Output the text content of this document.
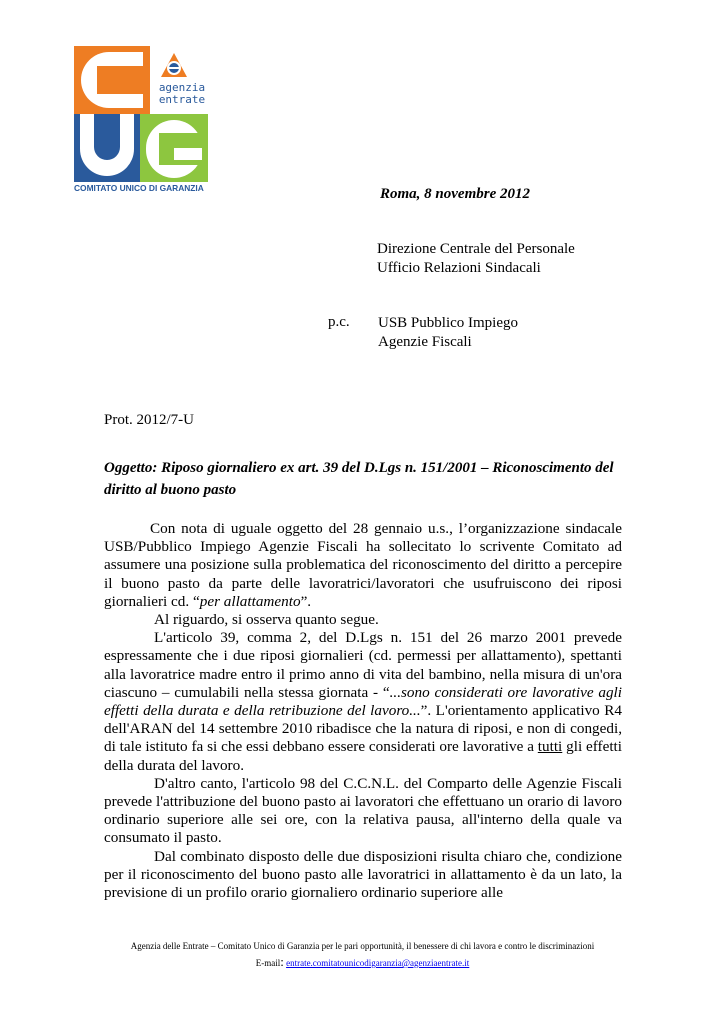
agenzia
entrate
COMITATO UNICO DI GARANZIA	Roma, 8 novembre 2012
Direzione Centrale del Personale
Ufficio Relazioni Sindacali
p.c. USB Pubblico Impiego
Agenzie Fiscali
Prot. 2012/7-U
Oggetto: Riposo giornaliero ex art. 39 del D.Lgs n. 151/2001 – Riconoscimento del diritto al buono pasto

Con nota di uguale oggetto del 28 gennaio u.s., l’organizzazione sindacale USB/Pubblico Impiego Agenzie Fiscali ha sollecitato lo scrivente Comitato ad assumere una posizione sulla problematica del riconoscimento del diritto a percepire il buono pasto da parte delle lavoratrici/lavoratori che usufruiscono dei riposi giornalieri cd. “per allattamento”.

Al riguardo, si osserva quanto segue.

L'articolo 39, comma 2, del D.Lgs n. 151 del 26 marzo 2001 prevede espressamente che i due riposi giornalieri (cd. permessi per allattamento), spettanti alla lavoratrice madre entro il primo anno di vita del bambino, nella misura di un'ora ciascuno – cumulabili nella stessa giornata - “...sono considerati ore lavorative agli effetti della durata e della retribuzione del lavoro...”. L'orientamento applicativo R4 dell'ARAN del 14 settembre 2010 ribadisce che la natura di riposi, e non di congedi, di tale istituto fa si che essi debbano essere considerati ore lavorative a tutti gli effetti della durata del lavoro.

D'altro canto, l'articolo 98 del C.C.N.L. del Comparto delle Agenzie Fiscali prevede l'attribuzione del buono pasto ai lavoratori che effettuano un orario di lavoro ordinario superiore alle sei ore, con la relativa pausa, all'interno della quale va consumato il pasto.

Dal combinato disposto delle due disposizioni risulta chiaro che, condizione per il riconoscimento del buono pasto alle lavoratrici in allattamento è da un lato, la previsione di un profilo orario giornaliero ordinario superiore alle

Agenzia delle Entrate – Comitato Unico di Garanzia per le pari opportunità, il benessere di chi lavora e contro le discriminazioni
E-mail: entrate.comitatounicodigaranzia@agenziaentrate.it
